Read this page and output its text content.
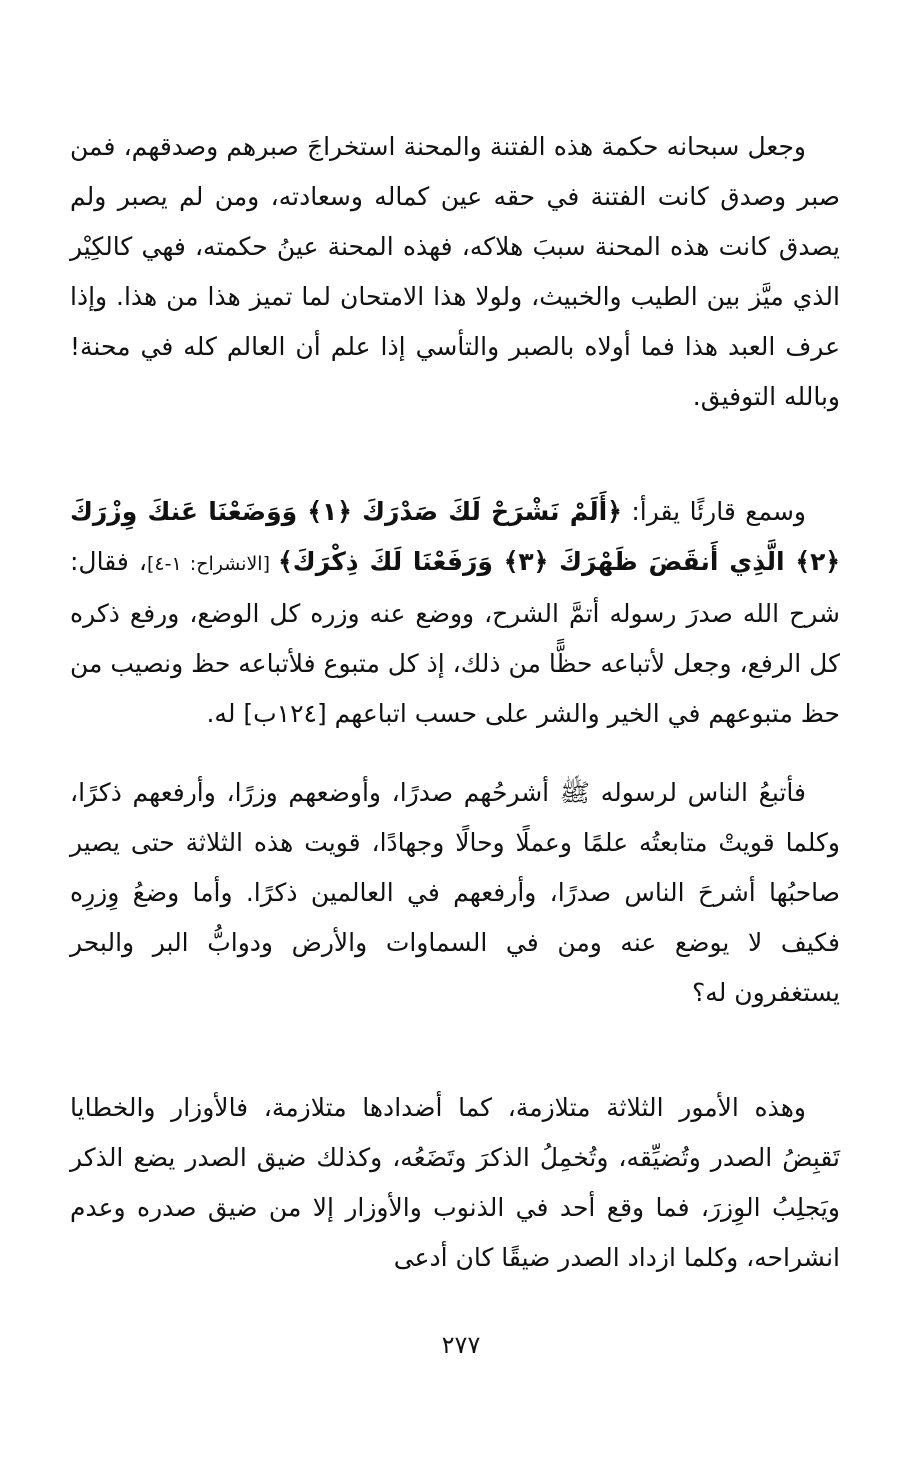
وجعل سبحانه حكمة هذه الفتنة والمحنة استخراجَ صبرهم وصدقهم، فمن صبر وصدق كانت الفتنة في حقه عين كماله وسعادته، ومن لم يصبر ولم يصدق كانت هذه المحنة سببَ هلاكه، فهذه المحنة عينُ حكمته، فهي كالكِيْر الذي ميَّز بين الطيب والخبيث، ولولا هذا الامتحان لما تميز هذا من هذا. وإذا عرف العبد هذا فما أولاه بالصبر والتأسي إذا علم أن العالم كله في محنة! وبالله التوفيق.

وسمع قارئًا يقرأ: ﴿أَلَمْ نَشْرَحْ لَكَ صَدْرَكَ ﴿١﴾ وَوَضَعْنَا عَنكَ وِزْرَكَ ﴿٢﴾ الَّذِي أَنقَضَ ظَهْرَكَ ﴿٣﴾ وَرَفَعْنَا لَكَ ذِكْرَكَ﴾ [الانشراح: ١-٤]، فقال: شرح الله صدرَ رسوله أتمَّ الشرح، ووضع عنه وزره كل الوضع، ورفع ذكره كل الرفع، وجعل لأتباعه حظًّا من ذلك، إذ كل متبوع فلأتباعه حظ ونصيب من حظ متبوعهم في الخير والشر على حسب اتباعهم [١٢٤ب] له.

فأتبعُ الناس لرسوله ﷺ أشرحُهم صدرًا، وأوضعهم وزرًا، وأرفعهم ذكرًا، وكلما قويتْ متابعتُه علمًا وعملًا وحالًا وجهادًا، قويت هذه الثلاثة حتى يصير صاحبُها أشرحَ الناس صدرًا، وأرفعهم في العالمين ذكرًا. وأما وضعُ وِزرِه فكيف لا يوضع عنه ومن في السماوات والأرض ودوابُّ البر والبحر يستغفرون له؟

وهذه الأمور الثلاثة متلازمة، كما أضدادها متلازمة، فالأوزار والخطايا تَقبِضُ الصدر وتُضيِّقه، وتُخمِلُ الذكرَ وتَضَعُه، وكذلك ضيق الصدر يضع الذكر ويَجلِبُ الوِزرَ، فما وقع أحد في الذنوب والأوزار إلا من ضيق صدره وعدم انشراحه، وكلما ازداد الصدر ضيقًا كان أدعى

٢٧٧
